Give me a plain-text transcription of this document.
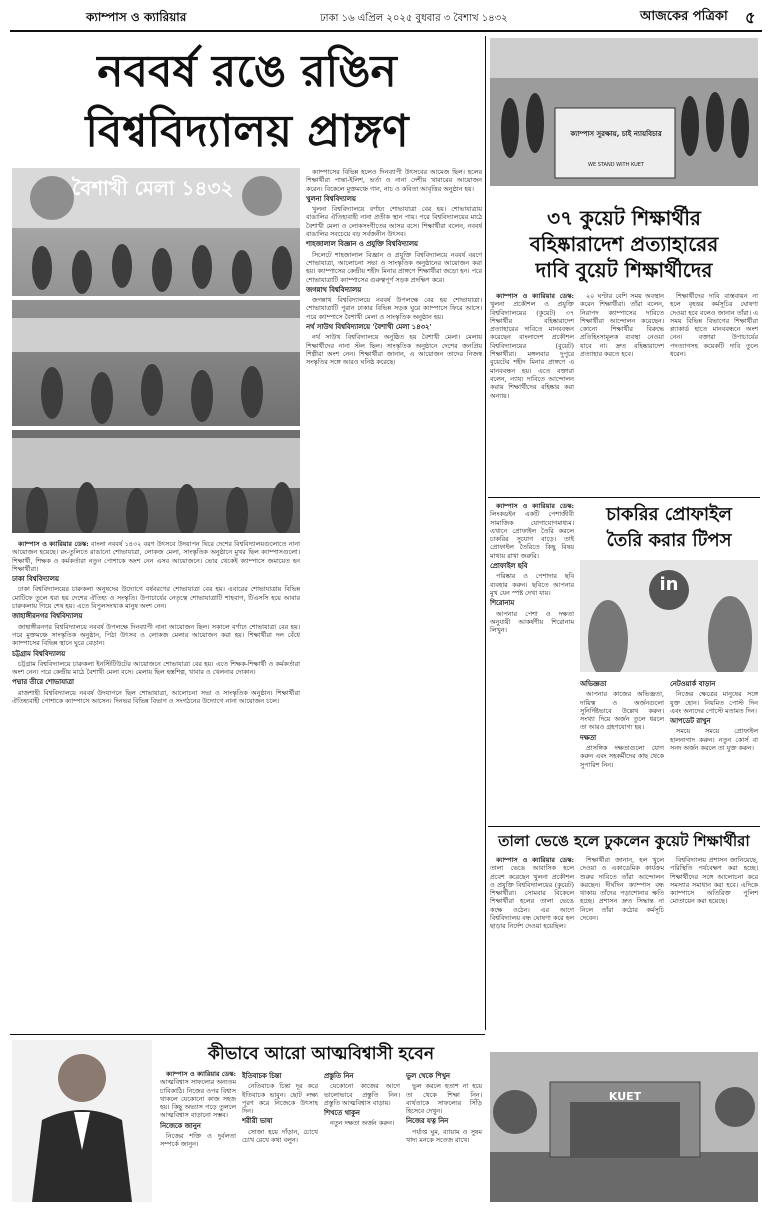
ক্যাম্পাস ও ক্যারিয়ার	ঢাকা ১৬ এপ্রিল ২০২৫ বুধবার ৩ বৈশাখ ১৪৩২	আজকের পত্রিকা ৫
নববর্ষ রঙে রঙিন
বিশ্ববিদ্যালয় প্রাঙ্গণ
বৈশাখী মেলা ১৪৩২

ক্যাম্পাস ও ক্যারিয়ার ডেস্ক: বাংলা নববর্ষ ১৪৩২ বরণ উৎসবে উদযাপন ঘিরে দেশের বিশ্ববিদ্যালয়গুলোতে নানা আয়োজন হয়েছে। রং-তুলিতে রাঙানো শোভাযাত্রা, লোকজ মেলা, সাংস্কৃতিক অনুষ্ঠানে মুখর ছিল ক্যাম্পাসগুলো। শিক্ষার্থী, শিক্ষক ও কর্মকর্তারা নতুন পোশাকে অংশ নেন এসব আয়োজনে। ভোর থেকেই ক্যাম্পাসে জমায়েত হন শিক্ষার্থীরা।

ঢাকা বিশ্ববিদ্যালয়

ঢাকা বিশ্ববিদ্যালয়ের চারুকলা অনুষদের উদ্যোগে বর্ষবরণের শোভাযাত্রা বের হয়। এবারের শোভাযাত্রায় বিভিন্ন মোটিফে তুলে ধরা হয় দেশের ঐতিহ্য ও সংস্কৃতি। উপাচার্যের নেতৃত্বে শোভাযাত্রাটি শাহবাগ, টিএসসি হয়ে আবার চারুকলায় গিয়ে শেষ হয়। এতে বিপুলসংখ্যক মানুষ অংশ নেন।

জাহাঙ্গীরনগর বিশ্ববিদ্যালয়

জাহাঙ্গীরনগর বিশ্ববিদ্যালয়ে নববর্ষ উপলক্ষে দিনব্যাপী নানা আয়োজন ছিল। সকালে বর্ণাঢ্য শোভাযাত্রা বের হয়। পরে মুক্তমঞ্চে সাংস্কৃতিক অনুষ্ঠান, পিঠা উৎসব ও লোকজ মেলার আয়োজন করা হয়। শিক্ষার্থীরা দল বেঁধে ক্যাম্পাসের বিভিন্ন স্থানে ঘুরে বেড়ান।

চট্টগ্রাম বিশ্ববিদ্যালয়

চট্টগ্রাম বিশ্ববিদ্যালয়ে চারুকলা ইনস্টিটিউটের আয়োজনে শোভাযাত্রা বের হয়। এতে শিক্ষক-শিক্ষার্থী ও কর্মকর্তারা অংশ নেন। পরে কেন্দ্রীয় মাঠে বৈশাখী মেলা বসে। মেলায় ছিল হস্তশিল্প, খাবার ও খেলনার দোকান।

পদ্মার তীরে শোভাযাত্রা

রাজশাহী বিশ্ববিদ্যালয়ে নববর্ষ উদযাপনে ছিল শোভাযাত্রা, আলোচনা সভা ও সাংস্কৃতিক অনুষ্ঠান। শিক্ষার্থীরা ঐতিহ্যবাহী পোশাকে ক্যাম্পাসে আসেন। দিনভর বিভিন্ন বিভাগ ও সংগঠনের উদ্যোগে নানা আয়োজন চলে।

ক্যাম্পাসের বিভিন্ন হলেও দিনব্যাপী উৎসবের আমেজ ছিল। হলের শিক্ষার্থীরা পান্তা-ইলিশ, ভর্তা ও নানা দেশীয় খাবারের আয়োজন করেন। বিকেলে মুক্তমঞ্চে গান, নাচ ও কবিতা আবৃত্তির অনুষ্ঠান হয়।

খুলনা বিশ্ববিদ্যালয়

খুলনা বিশ্ববিদ্যালয়ে বর্ণাঢ্য শোভাযাত্রা বের হয়। শোভাযাত্রায় বাঙালির ঐতিহ্যবাহী নানা প্রতীক স্থান পায়। পরে বিশ্ববিদ্যালয়ের মাঠে বৈশাখী মেলা ও লোকসংগীতের আসর বসে। শিক্ষার্থীরা বলেন, নববর্ষ বাঙালির সবচেয়ে বড় সর্বজনীন উৎসব।

শাহজালাল বিজ্ঞান ও প্রযুক্তি বিশ্ববিদ্যালয়

সিলেটে শাহজালাল বিজ্ঞান ও প্রযুক্তি বিশ্ববিদ্যালয়ে নববর্ষ বরণে শোভাযাত্রা, আলোচনা সভা ও সাংস্কৃতিক অনুষ্ঠানের আয়োজন করা হয়। ক্যাম্পাসের কেন্দ্রীয় শহীদ মিনার প্রাঙ্গণে শিক্ষার্থীরা জড়ো হন। পরে শোভাযাত্রাটি ক্যাম্পাসের গুরুত্বপূর্ণ সড়ক প্রদক্ষিণ করে।

জগন্নাথ বিশ্ববিদ্যালয়

জগন্নাথ বিশ্ববিদ্যালয়ে নববর্ষ উপলক্ষে বের হয় শোভাযাত্রা। শোভাযাত্রাটি পুরান ঢাকার বিভিন্ন সড়ক ঘুরে ক্যাম্পাসে ফিরে আসে। পরে ক্যাম্পাসে বৈশাখী মেলা ও সাংস্কৃতিক অনুষ্ঠান হয়।

নর্থ সাউথ বিশ্ববিদ্যালয়ে 'বৈশাখী মেলা ১৪৩২'

নর্থ সাউথ বিশ্ববিদ্যালয়ে অনুষ্ঠিত হয় বৈশাখী মেলা। মেলায় শিক্ষার্থীদের নানা স্টল ছিল। সাংস্কৃতিক অনুষ্ঠানে দেশের জনপ্রিয় শিল্পীরা অংশ নেন। শিক্ষার্থীরা জানান, এ আয়োজন তাদের নিজস্ব সংস্কৃতির সঙ্গে আরও ঘনিষ্ঠ করেছে।

ক্যাম্পাস সুরক্ষায়, চাই ন্যায়বিচার
WE STAND WITH KUET
৩৭ কুয়েট শিক্ষার্থীর
বহিষ্কারাদেশ প্রত্যাহারের
দাবি বুয়েট শিক্ষার্থীদের

ক্যাম্পাস ও ক্যারিয়ার ডেস্ক: খুলনা প্রকৌশল ও প্রযুক্তি বিশ্ববিদ্যালয়ের (কুয়েট) ৩৭ শিক্ষার্থীর বহিষ্কারাদেশ প্রত্যাহারের দাবিতে মানববন্ধন করেছেন বাংলাদেশ প্রকৌশল বিশ্ববিদ্যালয়ের (বুয়েট) শিক্ষার্থীরা। মঙ্গলবার দুপুরে বুয়েটের শহীদ মিনার প্রাঙ্গণে এ মানববন্ধন হয়। এতে বক্তারা বলেন, ন্যায্য দাবিতে আন্দোলন করায় শিক্ষার্থীদের বহিষ্কার করা অন্যায়।

২০ ঘণ্টার বেশি সময় অবস্থান করেন শিক্ষার্থীরা। তাঁরা বলেন, নিরাপদ ক্যাম্পাসের দাবিতে শিক্ষার্থীরা আন্দোলন করেছেন। কোনো শিক্ষার্থীর বিরুদ্ধে প্রতিহিংসামূলক ব্যবস্থা নেওয়া যাবে না। দ্রুত বহিষ্কারাদেশ প্রত্যাহার করতে হবে।

শিক্ষার্থীদের দাবি বাস্তবায়ন না হলে বৃহত্তর কর্মসূচির ঘোষণা দেওয়া হবে বলেও জানান তাঁরা। এ সময় বিভিন্ন বিভাগের শিক্ষার্থীরা প্ল্যাকার্ড হাতে মানববন্ধনে অংশ নেন। বক্তারা উপাচার্যের পদত্যাগসহ কয়েকটি দাবি তুলে ধরেন।

ক্যাম্পাস ও ক্যারিয়ার ডেস্ক: লিংকডইন একটি পেশাজীবী সামাজিক যোগাযোগমাধ্যম। এখানে প্রোফাইল তৈরি করলে চাকরির সুযোগ বাড়ে। তাই প্রোফাইল তৈরিতে কিছু বিষয় মাথায় রাখা জরুরি।

প্রোফাইল ছবি

পরিষ্কার ও পেশাদার ছবি ব্যবহার করুন। ছবিতে আপনার মুখ যেন স্পষ্ট দেখা যায়।

শিরোনাম

আপনার পেশা ও দক্ষতা অনুযায়ী আকর্ষণীয় শিরোনাম লিখুন।

চাকরির প্রোফাইল
তৈরি করার টিপস
in
অভিজ্ঞতা

আপনার কাজের অভিজ্ঞতা, দায়িত্ব ও অর্জনগুলো সুনির্দিষ্টভাবে উল্লেখ করুন। সংখ্যা দিয়ে অর্জন তুলে ধরলে তা আরও গ্রহণযোগ্য হয়।

দক্ষতা

প্রাসঙ্গিক দক্ষতাগুলো যোগ করুন এবং সহকর্মীদের কাছ থেকে সুপারিশ নিন।

নেটওয়ার্ক বাড়ান

নিজের ক্ষেত্রের মানুষের সঙ্গে যুক্ত হোন। নিয়মিত পোস্ট দিন এবং অন্যদের পোস্টে মতামত দিন।

আপডেট রাখুন

সময়ে সময়ে প্রোফাইল হালনাগাদ করুন। নতুন কোর্স বা সনদ অর্জন করলে তা যুক্ত করুন।

তালা ভেঙে হলে ঢুকলেন কুয়েট শিক্ষার্থীরা

ক্যাম্পাস ও ক্যারিয়ার ডেস্ক: তালা ভেঙে আবাসিক হলে প্রবেশ করেছেন খুলনা প্রকৌশল ও প্রযুক্তি বিশ্ববিদ্যালয়ের (কুয়েট) শিক্ষার্থীরা। সোমবার বিকেলে শিক্ষার্থীরা হলের তালা ভেঙে কক্ষে ওঠেন। এর আগে বিশ্ববিদ্যালয় বন্ধ ঘোষণা করে হল ছাড়ার নির্দেশ দেওয়া হয়েছিল।

শিক্ষার্থীরা জানান, হল খুলে দেওয়া ও একাডেমিক কার্যক্রম শুরুর দাবিতে তাঁরা আন্দোলন করছেন। দীর্ঘদিন ক্যাম্পাস বন্ধ থাকায় তাঁদের পড়াশোনার ক্ষতি হচ্ছে। প্রশাসন দ্রুত সিদ্ধান্ত না নিলে তাঁরা কঠোর কর্মসূচি দেবেন।

বিশ্ববিদ্যালয় প্রশাসন জানিয়েছে, পরিস্থিতি পর্যবেক্ষণ করা হচ্ছে। শিক্ষার্থীদের সঙ্গে আলোচনা করে সমস্যার সমাধান করা হবে। এদিকে ক্যাম্পাসে অতিরিক্ত পুলিশ মোতায়েন করা হয়েছে।

KUET
কীভাবে আরো আত্মবিশ্বাসী হবেন

ক্যাম্পাস ও ক্যারিয়ার ডেস্ক: আত্মবিশ্বাস সাফল্যের অন্যতম চাবিকাঠি। নিজের ওপর বিশ্বাস থাকলে যেকোনো কাজ সহজ হয়। কিছু অভ্যাস গড়ে তুললে আত্মবিশ্বাস বাড়ানো সম্ভব।

নিজেকে জানুন

নিজের শক্তি ও দুর্বলতা সম্পর্কে জানুন।

ইতিবাচক চিন্তা

নেতিবাচক চিন্তা দূর করে ইতিবাচক ভাবুন। ছোট লক্ষ্য পূরণ করে নিজেকে উৎসাহ দিন।

শরীরী ভাষা

সোজা হয়ে দাঁড়ান, চোখে চোখ রেখে কথা বলুন।

প্রস্তুতি নিন

যেকোনো কাজের আগে ভালোভাবে প্রস্তুতি নিন। প্রস্তুতি আত্মবিশ্বাস বাড়ায়।

শিখতে থাকুন

নতুন দক্ষতা অর্জন করুন।

ভুল থেকে শিখুন

ভুল করলে হতাশ না হয়ে তা থেকে শিক্ষা নিন। ব্যর্থতাকে সাফল্যের সিঁড়ি হিসেবে দেখুন।

নিজের যত্ন নিন

পর্যাপ্ত ঘুম, ব্যায়াম ও সুষম খাদ্য মনকে সতেজ রাখে।
